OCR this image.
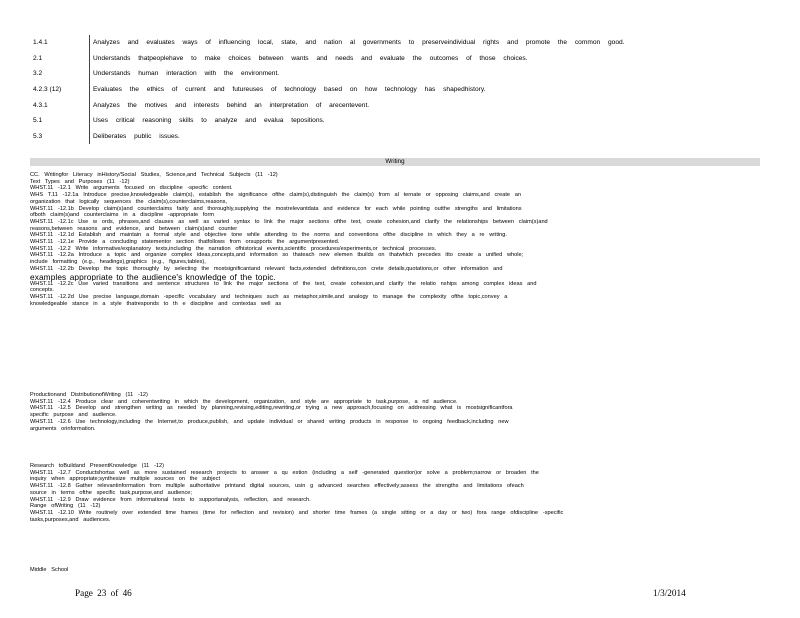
1.4.1	Analyzes and evaluates ways of influencing local, state, and nation al governments to preserveindividual rights and promote the common good.
2.1	Understands thatpeoplehave to make choices between wants and needs and evaluate the outcomes of those choices.
3.2	Understands human interaction with the environment.
4.2.3 (12)	Evaluates the ethics of current and futureuses of technology based on how technology has shapedhistory.
4.3.1	Analyzes the motives and interests behind an interpretation of arecentevent.
5.1	Uses critical reasoning skills to analyze and evalua tepositions.
5.3	Deliberates public issues.
Writing
CC. Writingfor Literacy inHistory/Social Studies, Science,and Technical Subjects (11 -12)
Text Types and Purposes (11 -12)
WHST.11 -12.1 Write arguments focused on discipline -specific content.
WHS T.11 -12.1a Introduce precise,knowledgeable claim(s), establish the significance ofthe claim(s),distinguish the claim(s) from al ternate or opposing claims,and create an
organization that logically sequences the claim(s),counterclaims,reasons,
WHST.11 -12.1b Develop claim(s)and counterclaims fairly and thoroughly,supplying the mostrelevantdata and evidence for each while pointing outthe strengths and limitations
ofboth claim(s)and counterclaims in a discipline -appropriate form
WHST.11 -12.1c Use w ords, phrases,and clauses as well as varied syntax to link the major sections ofthe text, create cohesion,and clarify the relationships between claim(s)and
reasons,between reasons and evidence, and between claim(s)and counter
WHST.11 -12.1d Establish and maintain a formal style and objective tone while attending to the norms and conventions ofthe discipline in which they a re writing.
WHST.11 -12.1e Provide a concluding statementor section thatfollows from orsupports the argumentpresented.
WHST.11 -12.2 Write informative/explanatory texts,including the narration ofhistorical events,scientific procedures/experiments,or technical processes.
WHST.11 -12.2a Introduce a topic and organize complex ideas,concepts,and information so thateach new elemen tbuilds on thatwhich precedes itto create a unified whole;
include formatting (e.g., headings),graphics (e.g., figures,tables),
WHST.11 -12.2b Develop the topic thoroughly by selecting the mostsignificantand relevant facts,extended definitions,con crete details,quotations,or other information and
examples appropriate to the audience's knowledge of the topic.
WHST.11 -12.2c Use varied transitions and sentence structures to link the major sections of the text, create cohesion,and clarify the relatio nships among complex ideas and
concepts.
WHST.11 -12.2d Use precise language,domain -specific vocabulary and techniques such as metaphor,simile,and analogy to manage the complexity ofthe topic,convey a
knowledgeable stance in a style thatresponds to th e discipline and contextas well as
Productionand DistributionofWriting (11 -12)
WHST.11 -12.4 Produce clear and coherentwriting in which the development, organization, and style are appropriate to task,purpose, a nd audience.
WHST.11 -12.5 Develop and strengthen writing as needed by planning,revising,editing,rewriting,or trying a new approach,focusing on addressing what is mostsignificantfora
specific purpose and audience.
WHST.11 -12.6 Use technology,including the Internet,to produce,publish, and update individual or shared writing products in response to ongoing feedback,including new
arguments orinformation.
Research toBuildand PresentKnowledge (11 -12)
WHST.11 -12.7 Conductshortas well as more sustained research projects to answer a qu estion (including a self -generated question)or solve a problem;narrow or broaden the
inquiry when appropriate;synthesize multiple sources on the subject
WHST.11 -12.8 Gather relevantinformation from multiple authoritative printand digital sources, usin g advanced searches effectively;assess the strengths and limitations ofeach
source in terms ofthe specific task,purpose,and audience;
WHST.11 -12.9 Draw evidence from informational texts to supportanalysis, reflection, and research.
Range ofWriting (11 -12)
WHST.11 -12.10 Write routinely over extended time frames (time for reflection and revision) and shorter time frames (a single sitting or a day or two) fora range ofdiscipline -specific
tasks,purposes,and audiences.
Middle School
Page 23 of 46	1/3/2014
